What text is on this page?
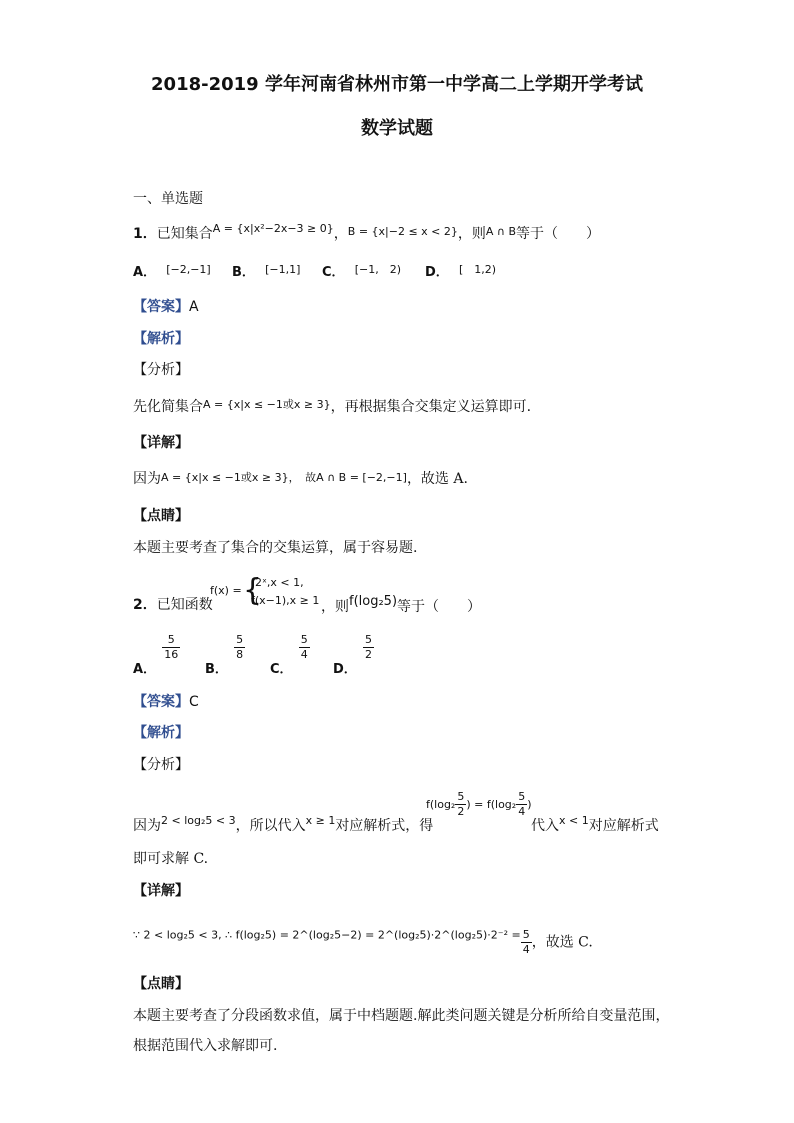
2018-2019 学年河南省林州市第一中学高二上学期开学考试
数学试题
一、单选题
1．已知集合$^{A = \{x|x^2-2x-3 \ge 0\}}$，$^{B = \{x|-2 \le x < 2\}}$，则$^{A \cap B}$等于（　　）
A． [−2,−1] B． [−1,1] C． $^{[-1, 2)}$ D． $^{[ 1,2)}$
【答案】A
【解析】
【分析】
先化简集合$^{A = \{x|x \le -1或x \ge 3\}}$，再根据集合交集定义运算即可.
【详解】
因为A = {x|x ≤ −1或x ≥ 3}，　故A ∩ B = [−2,−1]，故选 A.
【点睛】
本题主要考查了集合的交集运算，属于容易题.
2．已知函数
f(x) = {
2ˣ,x < 1,
f(x−1),x ≥ 1 ，则f(log₂5)等于（　　）
A．
$\frac{5}{16}$
B．
$\frac{5}{8}$
C．
$\frac{5}{4}$
D．
$\frac{5}{2}$
【答案】C
【解析】
【分析】
因为$^{2 < log_25 < 3}$，所以代入$^{x \ge 1}$对应解析式，得
$f(\log_2 \frac{5}{2}$ ) = $f(\log_2 \frac{5}{4}$ )
代入$^{x < 1}$对应解析式
即可求解 C.
【详解】
$^{\because 2 < log_25 < 3, \therefore f(log_25) = 2\^{}(log_25-2) = 2\^{}(log_25)\cdot 2\^{}(log_25)\cdot 2^{-2} =} \frac{5}{4}$ ，故选 C.
【点睛】
本题主要考查了分段函数求值，属于中档题题.解此类问题关键是分析所给自变量范围，
根据范围代入求解即可.
